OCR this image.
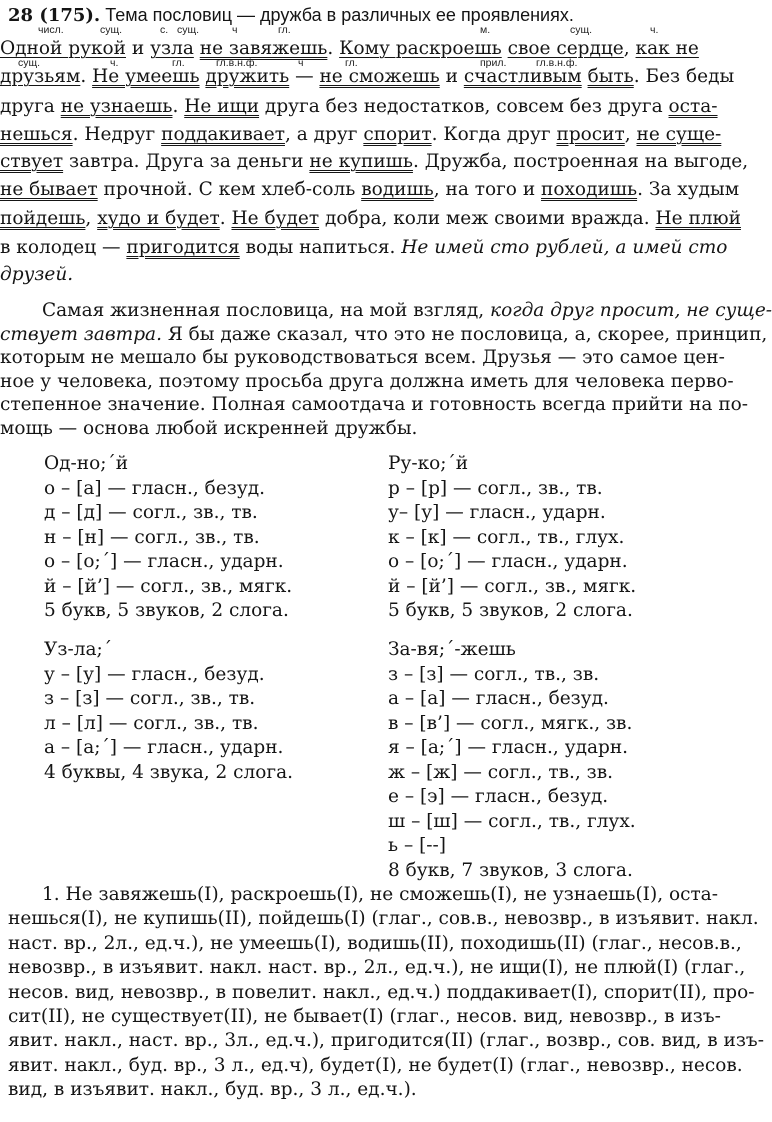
28 (175). Тема пословиц — дружба в различных ее проявлениях.
числ.	сущ.	с. сущ.	ч	гл.	м.	сущ.	ч.
Одной рукой и узла не завяжешь. Кому раскроешь свое сердце, как не
сущ.	ч.	гл.	гл.в.н.ф.	ч	гл.	прил.	гл.в.н.ф.
друзьям. Не умеешь дружить — не сможешь и счастливым быть. Без беды
друга не узнаешь. Не ищи друга без недостатков, совсем без друга оста-
нешься. Недруг поддакивает, а друг спорит. Когда друг просит, не суще-
ствует завтра. Друга за деньги не купишь. Дружба, построенная на выгоде,
не бывает прочной. С кем хлеб-соль водишь, на того и походишь. За худым
пойдешь, худо и будет. Не будет добра, коли меж своими вражда. Не плюй
в колодец — пригодится воды напиться. Не имей сто рублей, а имей сто
друзей.
Самая жизненная пословица, на мой взгляд, когда друг просит, не суще-
ствует завтра. Я бы даже сказал, что это не пословица, а, скорее, принцип,
которым не мешало бы руководствоваться всем. Друзья — это самое цен-
ное у человека, поэтому просьба друга должна иметь для человека перво-
степенное значение. Полная самоотдача и готовность всегда прийти на по-
мощь — основа любой искренней дружбы.
Од-но;´й
о – [а] — гласн., безуд.
д – [д] — согл., зв., тв.
н – [н] — согл., зв., тв.
о – [о;´] — гласн., ударн.
й – [й’] — согл., зв., мягк.
5 букв, 5 звуков, 2 слога.
Ру-ко;´й
р – [р] — согл., зв., тв.
у– [у] — гласн., ударн.
к – [к] — согл., тв., глух.
о – [о;´] — гласн., ударн.
й – [й’] — согл., зв., мягк.
5 букв, 5 звуков, 2 слога.
Уз-ла;´
у – [у] — гласн., безуд.
з – [з] — согл., зв., тв.
л – [л] — согл., зв., тв.
а – [а;´] — гласн., ударн.
4 буквы, 4 звука, 2 слога.
За-вя;´-жешь
з – [з] — согл., тв., зв.
а – [а] — гласн., безуд.
в – [в’] — согл., мягк., зв.
я – [а;´] — гласн., ударн.
ж – [ж] — согл., тв., зв.
е – [э] — гласн., безуд.
ш – [ш] — согл., тв., глух.
ь – [--]
8 букв, 7 звуков, 3 слога.
1. Не завяжешь(I), раскроешь(I), не сможешь(I), не узнаешь(I), оста-
нешься(I), не купишь(II), пойдешь(I) (глаг., сов.в., невозвр., в изъявит. накл.
наст. вр., 2л., ед.ч.), не умеешь(I), водишь(II), походишь(II) (глаг., несов.в.,
невозвр., в изъявит. накл. наст. вр., 2л., ед.ч.), не ищи(I), не плюй(I) (глаг.,
несов. вид, невозвр., в повелит. накл., ед.ч.) поддакивает(I), спорит(II), про-
сит(II), не существует(II), не бывает(I) (глаг., несов. вид, невозвр., в изъ-
явит. накл., наст. вр., 3л., ед.ч.), пригодится(II) (глаг., возвр., сов. вид, в изъ-
явит. накл., буд. вр., 3 л., ед.ч), будет(I), не будет(I) (глаг., невозвр., несов.
вид, в изъявит. накл., буд. вр., 3 л., ед.ч.).
